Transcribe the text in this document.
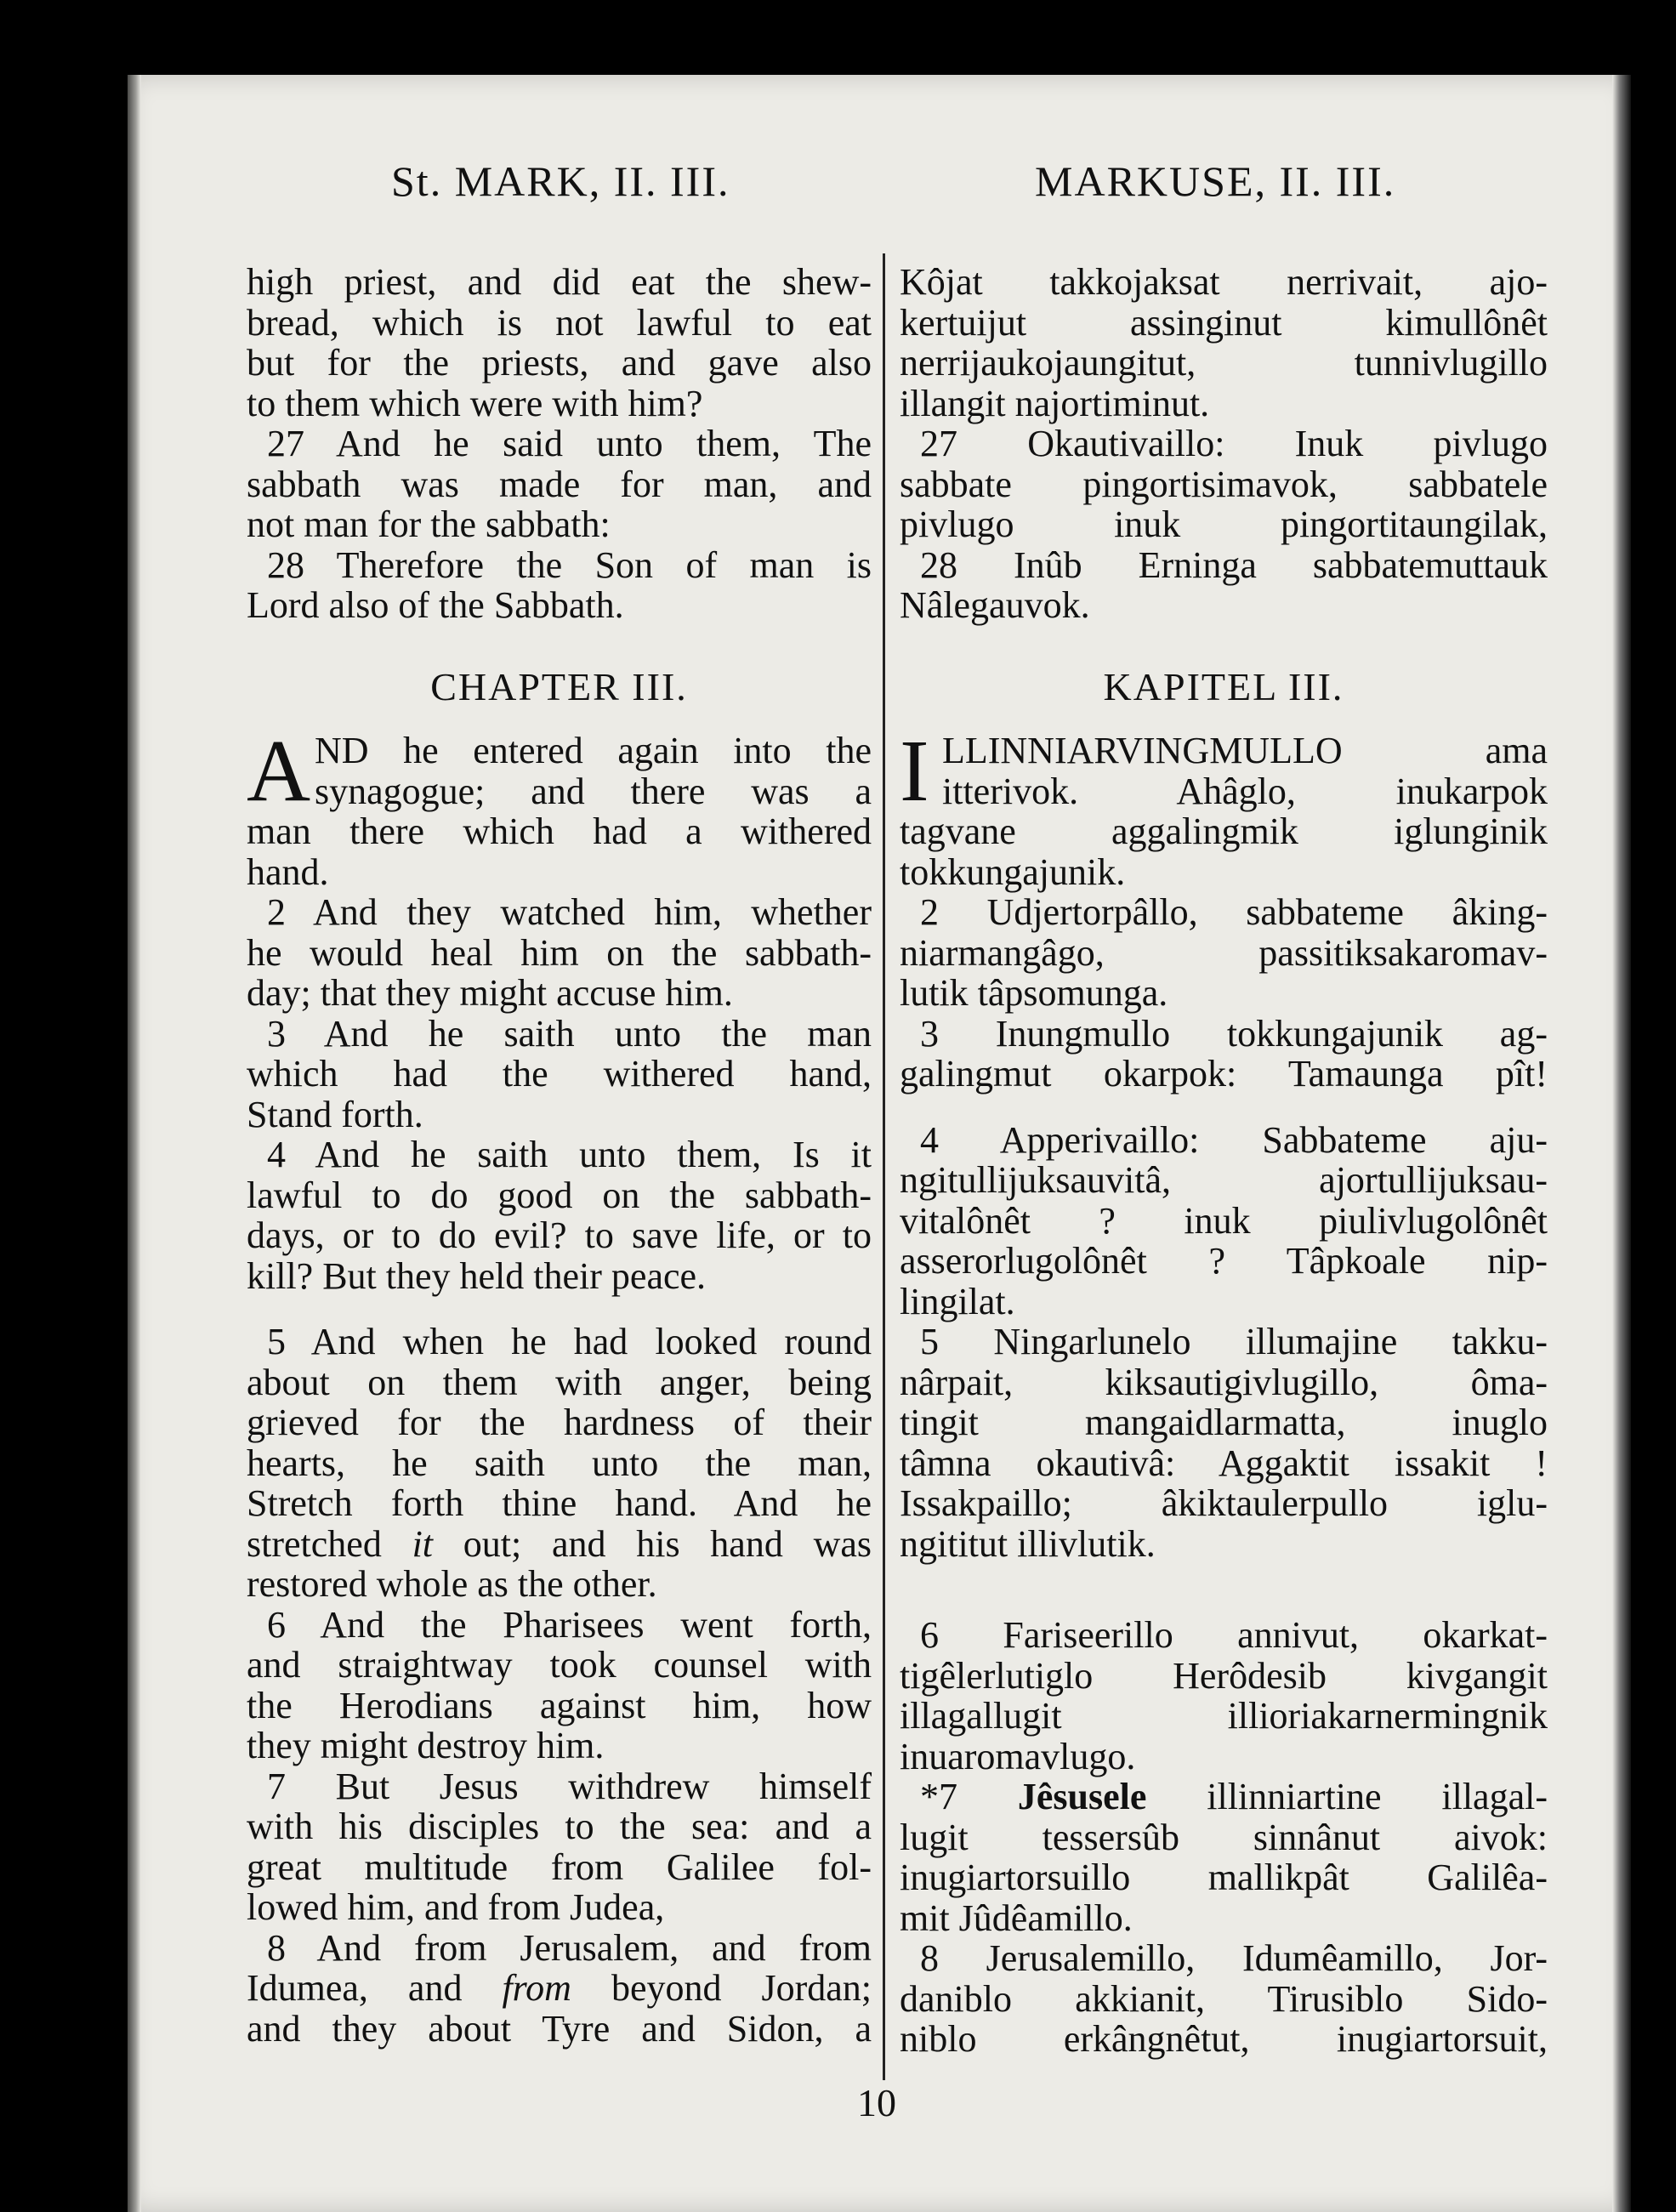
St. MARK, II. III.	MARKUSE, II. III.
high priest, and did eat the shew-
bread, which is not lawful to eat
but for the priests, and gave also
to them which were with him?
27 And he said unto them, The
sabbath was made for man, and
not man for the sabbath:
28 Therefore the Son of man is
Lord also of the Sabbath.
CHAPTER III.
A ND he entered again into the
synagogue; and there was a
man there which had a withered
hand.
2 And they watched him, whether
he would heal him on the sabbath-
day; that they might accuse him.
3 And he saith unto the man
which had the withered hand,
Stand forth.
4 And he saith unto them, Is it
lawful to do good on the sabbath-
days, or to do evil? to save life, or to
kill? But they held their peace.
5 And when he had looked round
about on them with anger, being
grieved for the hardness of their
hearts, he saith unto the man,
Stretch forth thine hand. And he
stretched it out; and his hand was
restored whole as the other.
6 And the Pharisees went forth,
and straightway took counsel with
the Herodians against him, how
they might destroy him.
7 But Jesus withdrew himself
with his disciples to the sea: and a
great multitude from Galilee fol-
lowed him, and from Judea,
8 And from Jerusalem, and from
Idumea, and from beyond Jordan;
and they about Tyre and Sidon, a
Kôjat takkojaksat nerrivait, ajo-
kertuijut assinginut kimullônêt
nerrijaukojaungitut, tunnivlugillo
illangit najortiminut.
27 Okautivaillo: Inuk pivlugo
sabbate pingortisimavok, sabbatele
pivlugo inuk pingortitaungilak,
28 Inûb Erninga sabbatemuttauk
Nâlegauvok.
KAPITEL III.
I LLINNIARVINGMULLO ama
itterivok. Ahâglo, inukarpok
tagvane aggalingmik iglunginik
tokkungajunik.
2 Udjertorpâllo, sabbateme âking-
niarmangâgo, passitiksakaromav-
lutik tâpsomunga.
3 Inungmullo tokkungajunik ag-
galingmut okarpok: Tamaunga pît!
4 Apperivaillo: Sabbateme aju-
ngitullijuksauvitâ, ajortullijuksau-
vitalônêt ? inuk piulivlugolônêt
asserorlugolônêt ? Tâpkoale nip-
lingilat.
5 Ningarlunelo illumajine takku-
nârpait, kiksautigivlugillo, ôma-
tingit mangaidlarmatta, inuglo
tâmna okautivâ: Aggaktit issakit !
Issakpaillo; âkiktaulerpullo iglu-
ngititut illivlutik.
6 Fariseerillo annivut, okarkat-
tigêlerlutiglo Herôdesib kivgangit
illagallugit illioriakarnermingnik
inuaromavlugo.
*7 Jêsusele illinniartine illagal-
lugit tessersûb sinnânut aivok:
inugiartorsuillo mallikpât Galilêa-
mit Jûdêamillo.
8 Jerusalemillo, Idumêamillo, Jor-
daniblo akkianit, Tirusiblo Sido-
niblo erkângnêtut, inugiartorsuit,
10
